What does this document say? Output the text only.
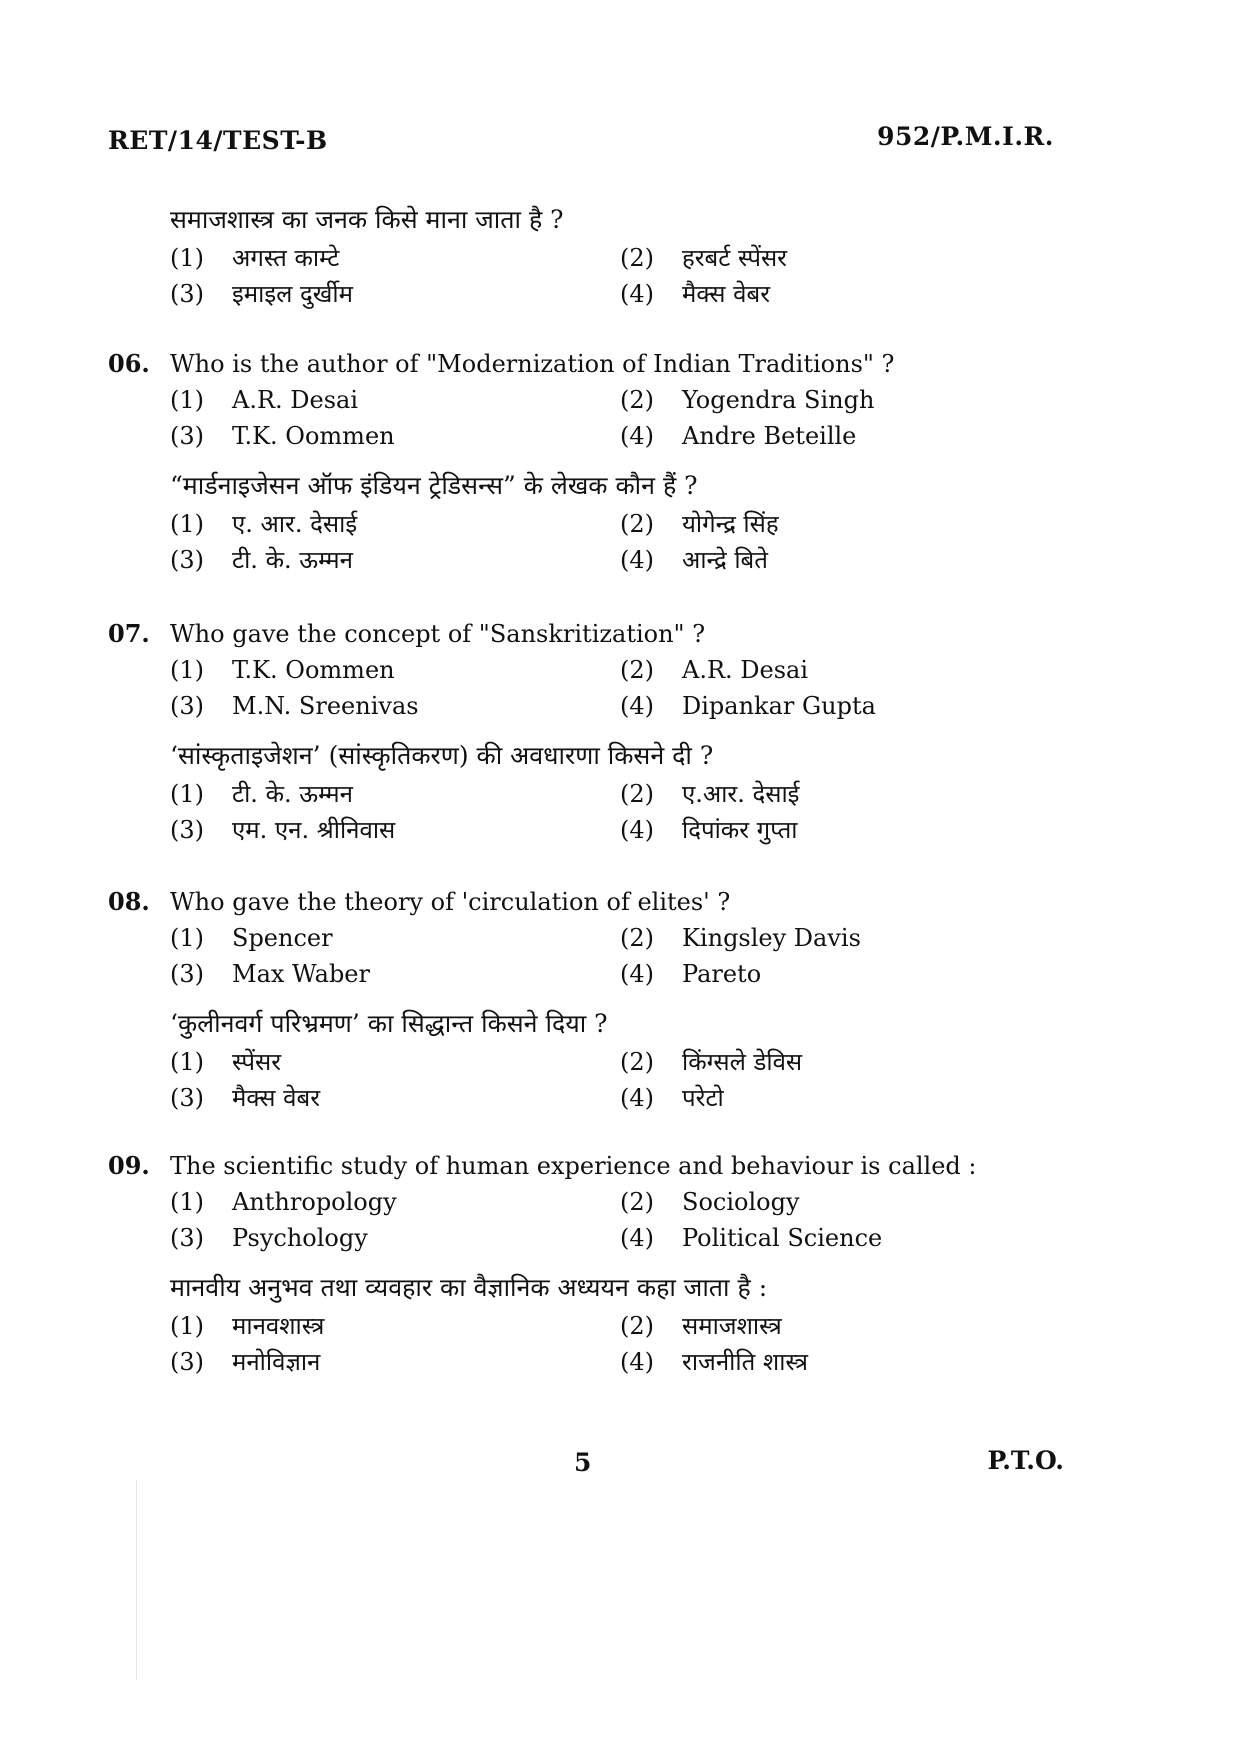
RET/14/TEST-B	952/P.M.I.R.
समाजशास्त्र का जनक किसे माना जाता है ?
(1) अगस्त काम्टे	(2) हरबर्ट स्पेंसर
(3) इमाइल दुर्खीम	(4) मैक्स वेबर
06. Who is the author of "Modernization of Indian Traditions" ?
(1) A.R. Desai	(2) Yogendra Singh
(3) T.K. Oommen	(4) Andre Beteille
“मार्डनाइजेसन ऑफ इंडियन ट्रेडिसन्स” के लेखक कौन हैं ?
(1) ए. आर. देसाई	(2) योगेन्द्र सिंह
(3) टी. के. ऊम्मन	(4) आन्द्रे बिते
07. Who gave the concept of "Sanskritization" ?
(1) T.K. Oommen	(2) A.R. Desai
(3) M.N. Sreenivas	(4) Dipankar Gupta
‘सांस्कृताइजेशन’ (सांस्कृतिकरण) की अवधारणा किसने दी ?
(1) टी. के. ऊम्मन	(2) ए.आर. देसाई
(3) एम. एन. श्रीनिवास	(4) दिपांकर गुप्ता
08. Who gave the theory of 'circulation of elites' ?
(1) Spencer	(2) Kingsley Davis
(3) Max Waber	(4) Pareto
‘कुलीनवर्ग परिभ्रमण’ का सिद्धान्त किसने दिया ?
(1) स्पेंसर	(2) किंग्सले डेविस
(3) मैक्स वेबर	(4) परेटो
09. The scientific study of human experience and behaviour is called :
(1) Anthropology	(2) Sociology
(3) Psychology	(4) Political Science
मानवीय अनुभव तथा व्यवहार का वैज्ञानिक अध्ययन कहा जाता है :
(1) मानवशास्त्र	(2) समाजशास्त्र
(3) मनोविज्ञान	(4) राजनीति शास्त्र
5	P.T.O.
